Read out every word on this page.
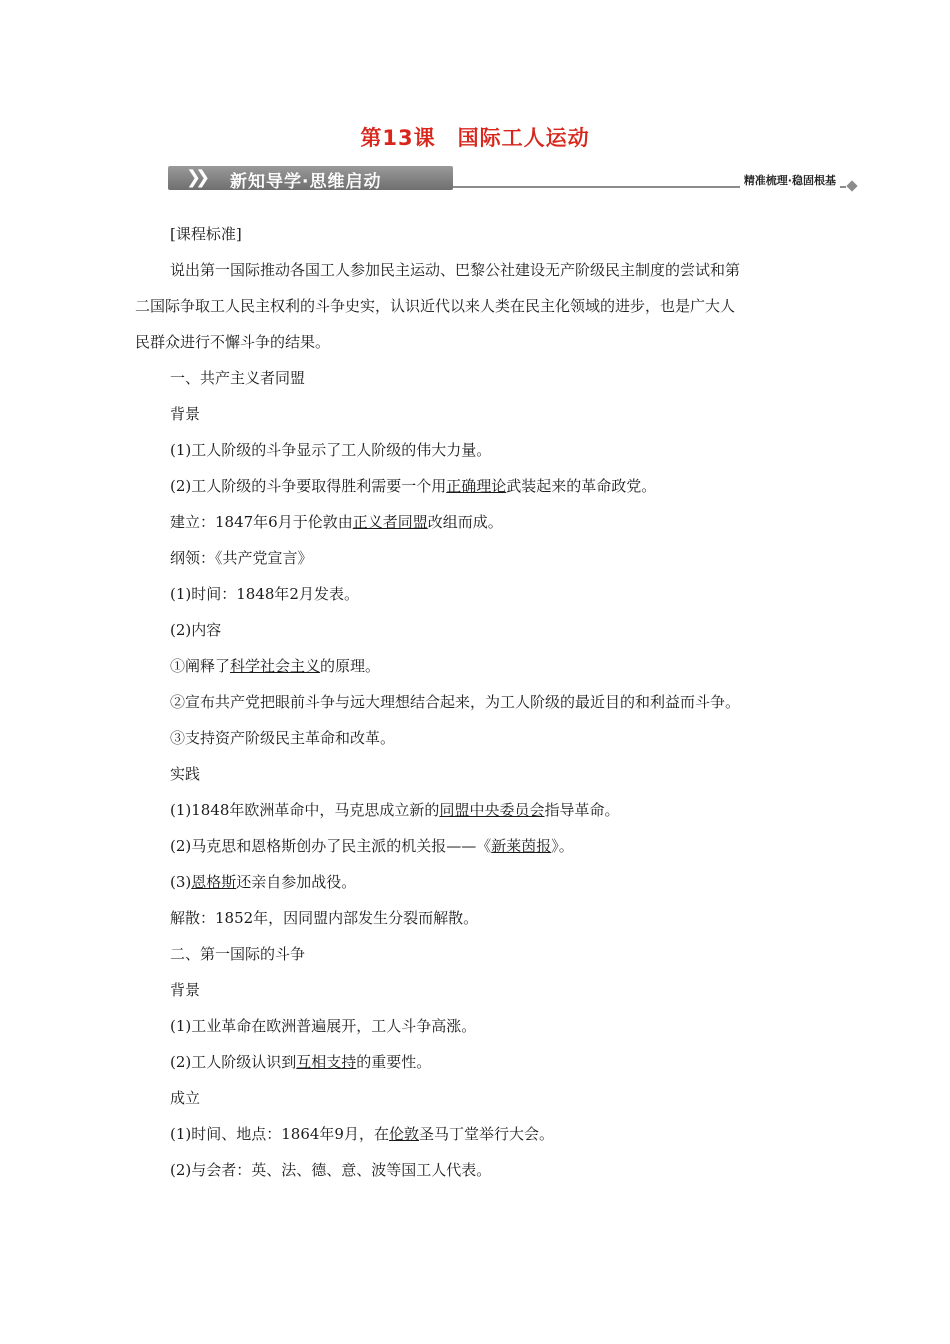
第13课　国际工人运动
❯❯ 新知导学·思维启动	精准梳理·稳固根基
[课程标准]
说出第一国际推动各国工人参加民主运动、巴黎公社建设无产阶级民主制度的尝试和第
二国际争取工人民主权利的斗争史实，认识近代以来人类在民主化领域的进步，也是广大人
民群众进行不懈斗争的结果。
一、共产主义者同盟
背景
(1)工人阶级的斗争显示了工人阶级的伟大力量。
(2)工人阶级的斗争要取得胜利需要一个用正确理论武装起来的革命政党。
建立：1847年6月于伦敦由正义者同盟改组而成。
纲领：《共产党宣言》
(1)时间：1848年2月发表。
(2)内容
①阐释了科学社会主义的原理。
②宣布共产党把眼前斗争与远大理想结合起来，为工人阶级的最近目的和利益而斗争。
③支持资产阶级民主革命和改革。
实践
(1)1848年欧洲革命中，马克思成立新的同盟中央委员会指导革命。
(2)马克思和恩格斯创办了民主派的机关报——《新莱茵报》。
(3)恩格斯还亲自参加战役。
解散：1852年，因同盟内部发生分裂而解散。
二、第一国际的斗争
背景
(1)工业革命在欧洲普遍展开，工人斗争高涨。
(2)工人阶级认识到互相支持的重要性。
成立
(1)时间、地点：1864年9月，在伦敦圣马丁堂举行大会。
(2)与会者：英、法、德、意、波等国工人代表。
